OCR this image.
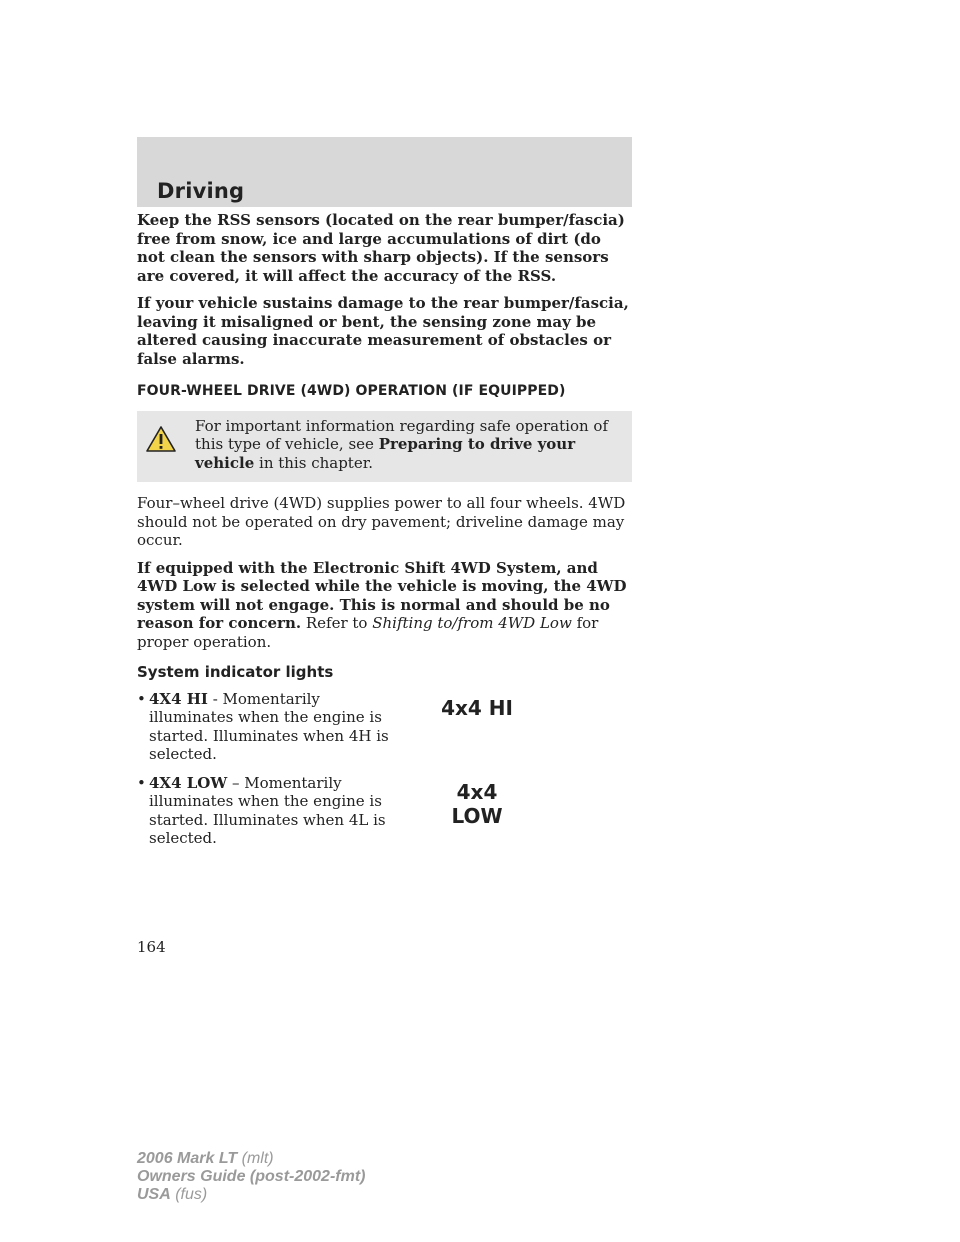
Driving

Keep the RSS sensors (located on the rear bumper/fascia) free from snow, ice and large accumulations of dirt (do not clean the sensors with sharp objects). If the sensors are covered, it will affect the accuracy of the RSS.

If your vehicle sustains damage to the rear bumper/fascia, leaving it misaligned or bent, the sensing zone may be altered causing inaccurate measurement of obstacles or false alarms.

FOUR-WHEEL DRIVE (4WD) OPERATION (IF EQUIPPED)
For important information regarding safe operation of this type of vehicle, see Preparing to drive your vehicle in this chapter.

Four–wheel drive (4WD) supplies power to all four wheels. 4WD should not be operated on dry pavement; driveline damage may occur.

If equipped with the Electronic Shift 4WD System, and 4WD Low is selected while the vehicle is moving, the 4WD system will not engage. This is normal and should be no reason for concern. Refer to Shifting to/from 4WD Low for proper operation.

System indicator lights
• 4X4 HI - Momentarily illuminates when the engine is started. Illuminates when 4H is selected.
4x4 HI
• 4X4 LOW – Momentarily illuminates when the engine is started. Illuminates when 4L is selected.
4x4
LOW
164
2006 Mark LT (mlt)
Owners Guide (post-2002-fmt)
USA (fus)
